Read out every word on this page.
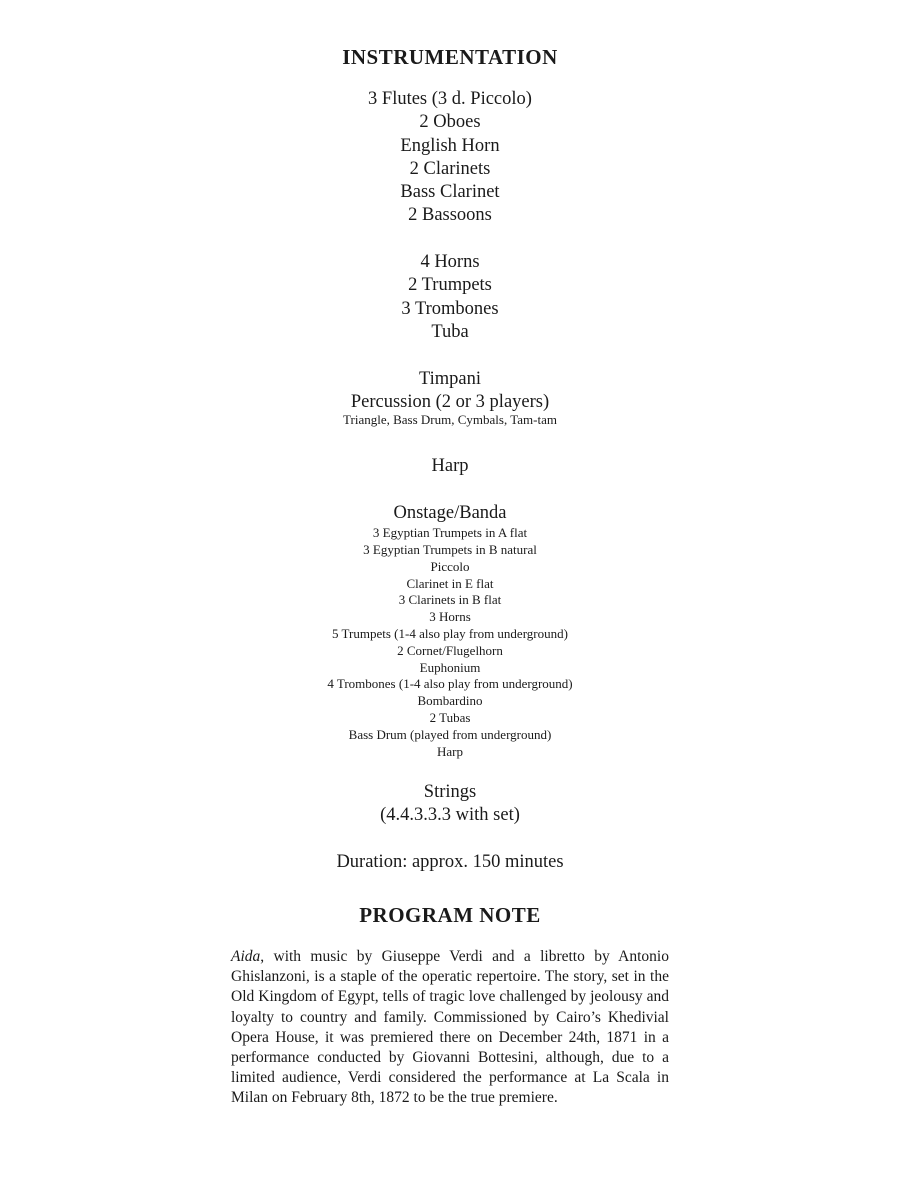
INSTRUMENTATION
3 Flutes (3 d. Piccolo)
2 Oboes
English Horn
2 Clarinets
Bass Clarinet
2 Bassoons
4 Horns
2 Trumpets
3 Trombones
Tuba
Timpani
Percussion (2 or 3 players)
Triangle, Bass Drum, Cymbals, Tam-tam
Harp
Onstage/Banda
3 Egyptian Trumpets in A flat
3 Egyptian Trumpets in B natural
Piccolo
Clarinet in E flat
3 Clarinets in B flat
3 Horns
5 Trumpets (1-4 also play from underground)
2 Cornet/Flugelhorn
Euphonium
4 Trombones (1-4 also play from underground)
Bombardino
2 Tubas
Bass Drum (played from underground)
Harp
Strings
(4.4.3.3.3 with set)
Duration: approx. 150 minutes
PROGRAM NOTE

Aida, with music by Giuseppe Verdi and a libretto by Antonio Ghislanzoni, is a staple of the operatic repertoire. The story, set in the Old Kingdom of Egypt, tells of tragic love challenged by jeolousy and loyalty to country and family. Commissioned by Cairo’s Khedivial Opera House, it was premiered there on December 24th, 1871 in a performance conducted by Giovanni Bottesini, although, due to a limited audience, Verdi considered the performance at La Scala in Milan on February 8th, 1872 to be the true premiere.
